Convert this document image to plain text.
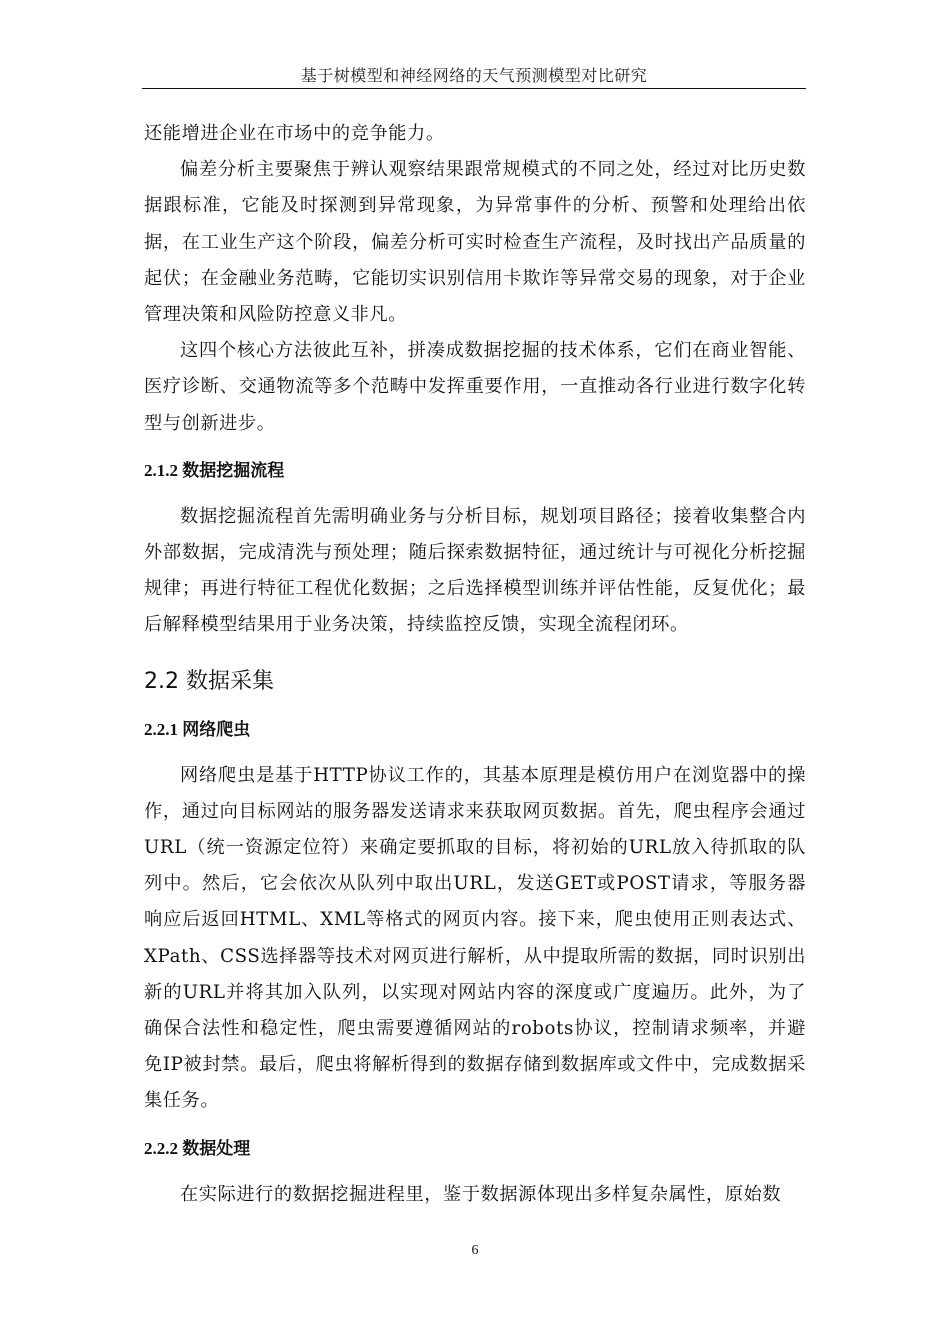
基于树模型和神经网络的天气预测模型对比研究

还能增进企业在市场中的竞争能力。

偏差分析主要聚焦于辨认观察结果跟常规模式的不同之处，经过对比历史数据跟标准，它能及时探测到异常现象，为异常事件的分析、预警和处理给出依据，在工业生产这个阶段，偏差分析可实时检查生产流程，及时找出产品质量的起伏；在金融业务范畴，它能切实识别信用卡欺诈等异常交易的现象，对于企业管理决策和风险防控意义非凡。

这四个核心方法彼此互补，拼凑成数据挖掘的技术体系，它们在商业智能、医疗诊断、交通物流等多个范畴中发挥重要作用，一直推动各行业进行数字化转型与创新进步。

2.1.2 数据挖掘流程

数据挖掘流程首先需明确业务与分析目标，规划项目路径；接着收集整合内外部数据，完成清洗与预处理；随后探索数据特征，通过统计与可视化分析挖掘规律；再进行特征工程优化数据；之后选择模型训练并评估性能，反复优化；最后解释模型结果用于业务决策，持续监控反馈，实现全流程闭环。

2.2 数据采集
2.2.1 网络爬虫

网络爬虫是基于HTTP协议工作的，其基本原理是模仿用户在浏览器中的操作，通过向目标网站的服务器发送请求来获取网页数据。首先，爬虫程序会通过URL（统一资源定位符）来确定要抓取的目标，将初始的URL放入待抓取的队列中。然后，它会依次从队列中取出URL，发送GET或POST请求，等服务器响应后返回HTML、XML等格式的网页内容。接下来，爬虫使用正则表达式、XPath、CSS选择器等技术对网页进行解析，从中提取所需的数据，同时识别出新的URL并将其加入队列，以实现对网站内容的深度或广度遍历。此外，为了确保合法性和稳定性，爬虫需要遵循网站的robots协议，控制请求频率，并避免IP被封禁。最后，爬虫将解析得到的数据存储到数据库或文件中，完成数据采集任务。

2.2.2 数据处理

在实际进行的数据挖掘进程里，鉴于数据源体现出多样复杂属性，原始数

6
